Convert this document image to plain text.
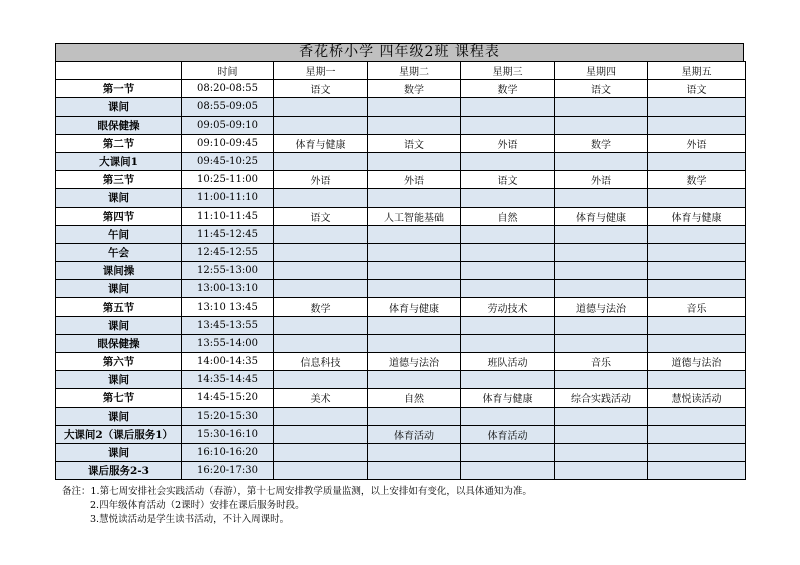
香花桥小学 四年级2班 课程表
	时间	星期一	星期二	星期三	星期四	星期五
第一节	08:20-08:55	语文	数学	数学	语文	语文
课间	08:55-09:05					
眼保健操	09:05-09:10					
第二节	09:10-09:45	体育与健康	语文	外语	数学	外语
大课间1	09:45-10:25					
第三节	10:25-11:00	外语	外语	语文	外语	数学
课间	11:00-11:10					
第四节	11:10-11:45	语文	人工智能基础	自然	体育与健康	体育与健康
午间	11:45-12:45					
午会	12:45-12:55					
课间操	12:55-13:00					
课间	13:00-13:10					
第五节	13:10 13:45	数学	体育与健康	劳动技术	道德与法治	音乐
课间	13:45-13:55					
眼保健操	13:55-14:00					
第六节	14:00-14:35	信息科技	道德与法治	班队活动	音乐	道德与法治
课间	14:35-14:45					
第七节	14:45-15:20	美术	自然	体育与健康	综合实践活动	慧悦读活动
课间	15:20-15:30					
大课间2（课后服务1）	15:30-16:10		体育活动	体育活动		
课间	16:10-16:20					
课后服务2-3	16:20-17:30					
备注：1.第七周安排社会实践活动（春游），第十七周安排教学质量监测，以上安排如有变化，以具体通知为准。
2.四年级体育活动（2课时）安排在课后服务时段。
3.慧悦读活动是学生读书活动，不计入周课时。
